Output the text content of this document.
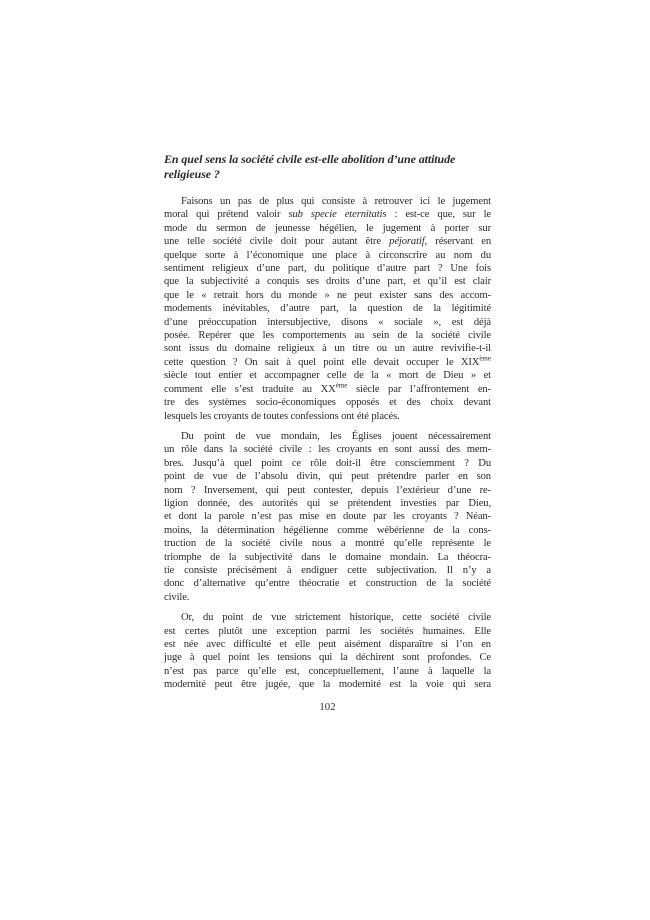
En quel sens la société civile est-elle abolition d’une attitude
religieuse ?
Faisons un pas de plus qui consiste à retrouver ici le jugement
moral qui prétend valoir sub specie eternitatis : est-ce que, sur le
mode du sermon de jeunesse hégélien, le jugement à porter sur
une telle société civile doit pour autant être péjoratif, réservant en
quelque sorte à l’économique une place à circonscrire au nom du
sentiment religieux d’une part, du politique d’autre part ? Une fois
que la subjectivité a conquis ses droits d’une part, et qu’il est clair
que le « retrait hors du monde » ne peut exister sans des accom-
modements inévitables, d’autre part, la question de la légitimité
d’une préoccupation intersubjective, disons « sociale », est déjà
posée. Repérer que les comportements au sein de la société civile
sont issus du domaine religieux à un titre ou un autre revivifie-t-il
cette question ? On sait à quel point elle devait occuper le XIXème
siècle tout entier et accompagner celle de la « mort de Dieu » et
comment elle s’est traduite au XXème siècle par l’affrontement en-
tre des systèmes socio-économiques opposés et des choix devant
lesquels les croyants de toutes confessions ont été placés.
Du point de vue mondain, les Églises jouent nécessairement
un rôle dans la société civile : les croyants en sont aussi des mem-
bres. Jusqu’à quel point ce rôle doit-il être consciemment ? Du
point de vue de l’absolu divin, qui peut prétendre parler en son
nom ? Inversement, qui peut contester, depuis l’extérieur d’une re-
ligion donnée, des autorités qui se prétendent investies par Dieu,
et dont la parole n’est pas mise en doute par les croyants ? Néan-
moins, la détermination hégélienne comme wébérienne de la cons-
truction de la société civile nous a montré qu’elle représente le
triomphe de la subjectivité dans le domaine mondain. La théocra-
tie consiste précisément à endiguer cette subjectivation. Il n’y a
donc d’alternative qu’entre théocratie et construction de la société
civile.
Or, du point de vue strictement historique, cette société civile
est certes plutôt une exception parmi les sociétés humaines. Elle
est née avec difficulté et elle peut aisément disparaître si l’on en
juge à quel point les tensions qui la déchirent sont profondes. Ce
n’est pas parce qu’elle est, conceptuellement, l’aune à laquelle la
modernité peut être jugée, que la modernité est la voie qui sera
102
